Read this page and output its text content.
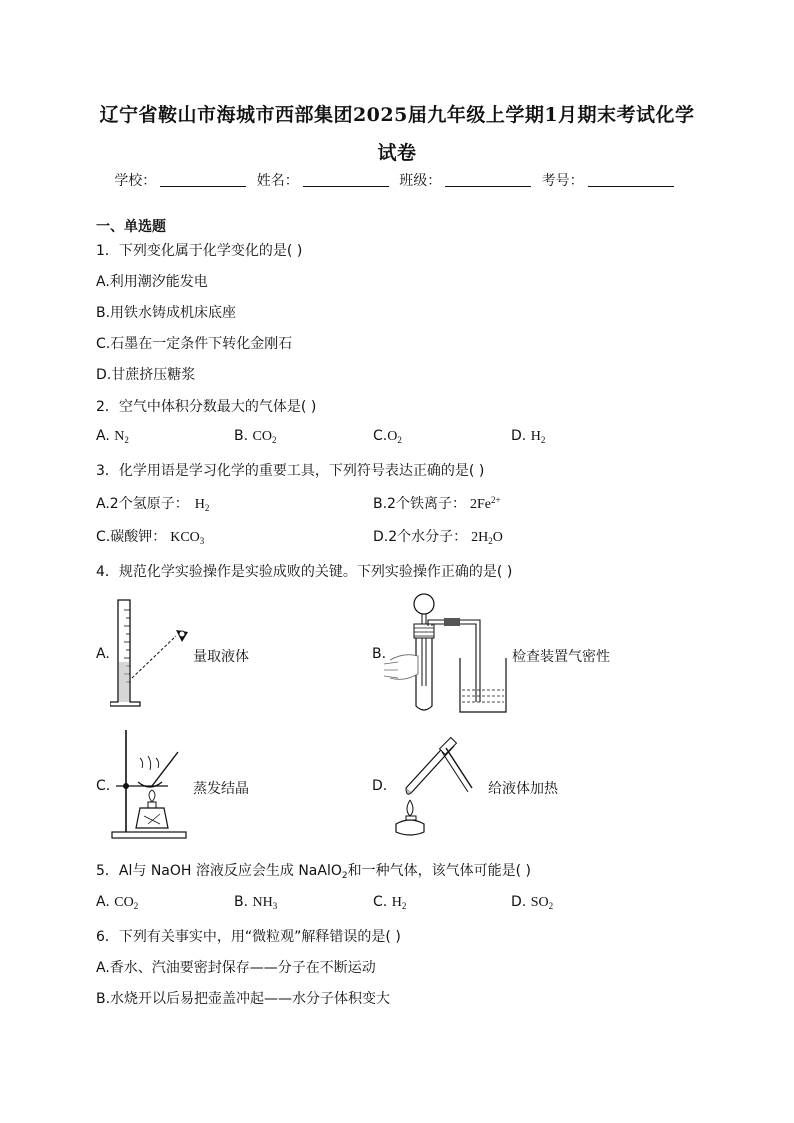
辽宁省鞍山市海城市西部集团2025届九年级上学期1月期末考试化学
试卷
学校：	姓名：	班级：	考号：
一、单选题
1．下列变化属于化学变化的是( )
A.利用潮汐能发电
B.用铁水铸成机床底座
C.石墨在一定条件下转化金刚石
D.甘蔗挤压糖浆
2．空气中体积分数最大的气体是( )
A. $N_2$	B. $CO_2$	$C.O_2$	D. $H_2$
3．化学用语是学习化学的重要工具，下列符号表达正确的是( )
A.2个氢原子： $H_2$	B.2个铁离子： $2Fe^{2+}$
C.碳酸钾： $KCO_3$	D.2个水分子： $2H_2O$
4．规范化学实验操作是实验成败的关键。下列实验操作正确的是( )
A.	量取液体	B.	检查装置气密性
C.	蒸发结晶	D.	给液体加热
5．Al与 NaOH 溶液反应会生成 NaAlO$_2$和一种气体，该气体可能是( )
A. $CO_2$	B. $NH_3$	C. $H_2$	D. $SO_2$
6．下列有关事实中，用“微粒观”解释错误的是( )
A.香水、汽油要密封保存——分子在不断运动
B.水烧开以后易把壶盖冲起——水分子体积变大
